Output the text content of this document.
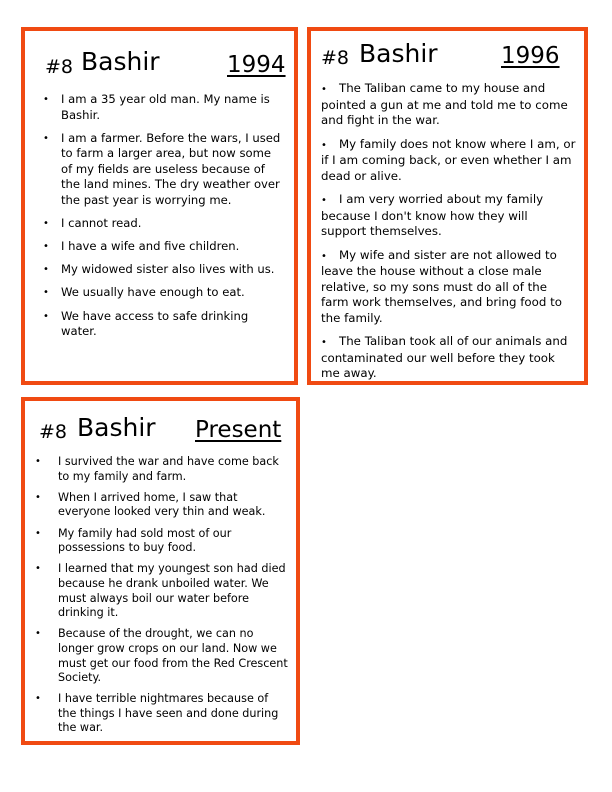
#8 Bashir	1994
• I am a 35 year old man. My name is Bashir.
• I am a farmer. Before the wars, I used to farm a larger area, but now some of my fields are useless because of the land mines. The dry weather over the past year is worrying me.
• I cannot read.
• I have a wife and five children.
• My widowed sister also lives with us.
• We usually have enough to eat.
• We have access to safe drinking water.
#8 Bashir	1996
• The Taliban came to my house and pointed a gun at me and told me to come and fight in the war.
• My family does not know where I am, or if I am coming back, or even whether I am dead or alive.
• I am very worried about my family because I don't know how they will support themselves.
• My wife and sister are not allowed to leave the house without a close male relative, so my sons must do all of the farm work themselves, and bring food to the family.
• The Taliban took all of our animals and contaminated our well before they took me away.
#8 Bashir Present
• I survived the war and have come back to my family and farm.
• When I arrived home, I saw that everyone looked very thin and weak.
• My family had sold most of our possessions to buy food.
• I learned that my youngest son had died because he drank unboiled water. We must always boil our water before drinking it.
• Because of the drought, we can no longer grow crops on our land. Now we must get our food from the Red Crescent Society.
• I have terrible nightmares because of the things I have seen and done during the war.
